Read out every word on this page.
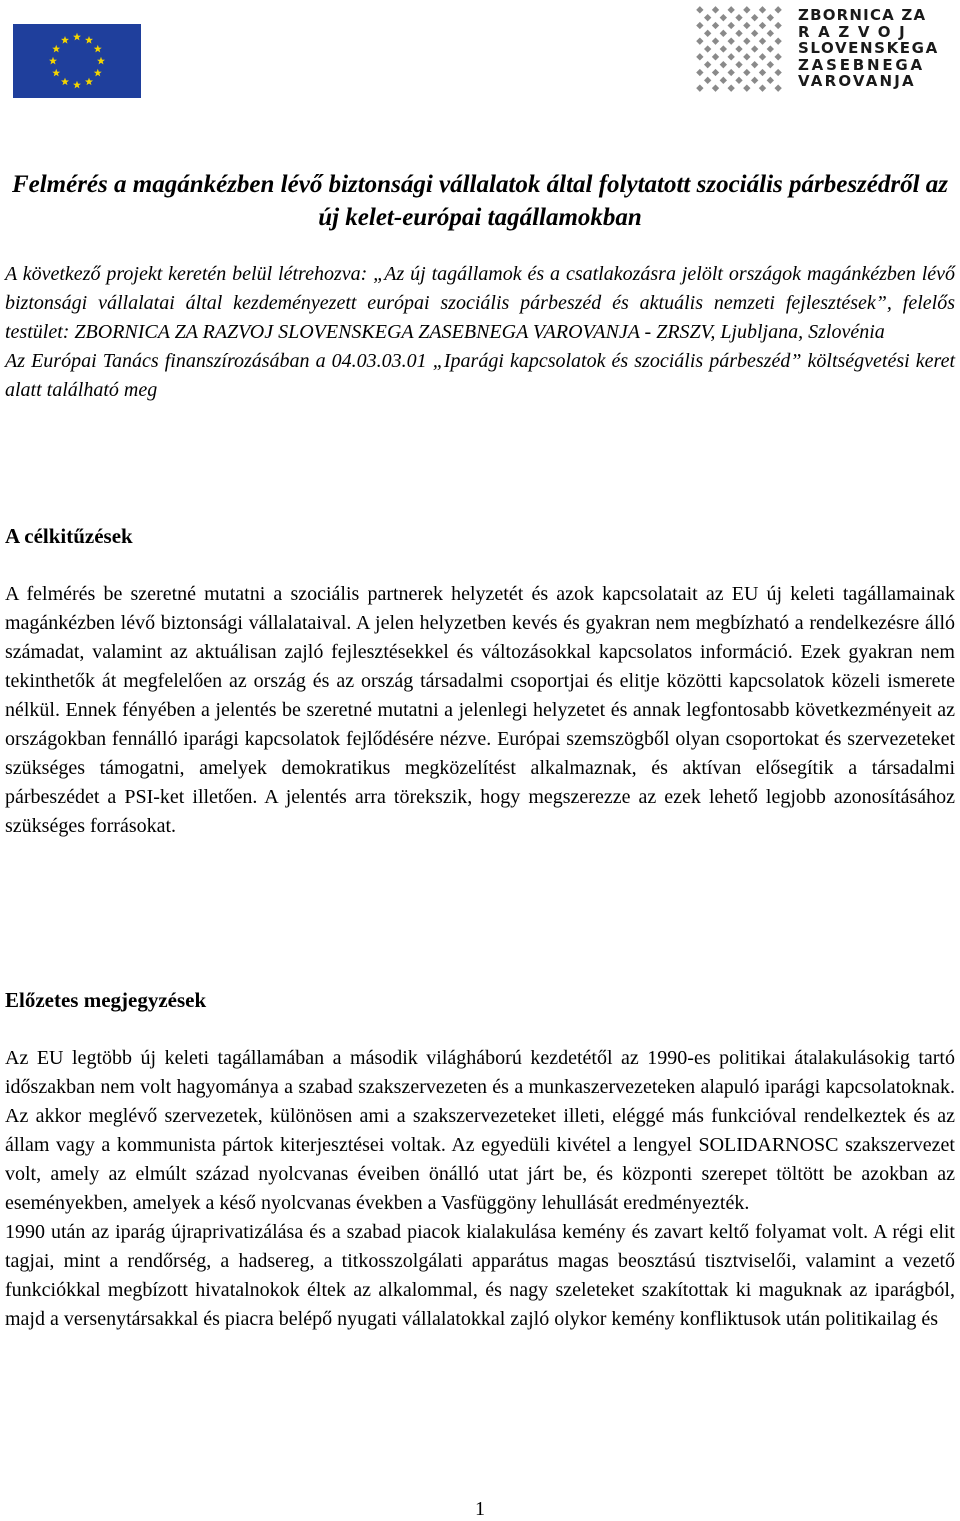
ZBORNICA ZA
RAZVOJ
SLOVENSKEGA
ZASEBNEGA
VAROVANJA
Felmérés a magánkézben lévő biztonsági vállalatok által folytatott szociális párbeszédről az új kelet-európai tagállamokban

A következő projekt keretén belül létrehozva: „Az új tagállamok és a csatlakozásra jelölt országok magánkézben lévő biztonsági vállalatai által kezdeményezett európai szociális párbeszéd és aktuális nemzeti fejlesztések”, felelős testület: ZBORNICA ZA RAZVOJ SLOVENSKEGA ZASEBNEGA VAROVANJA - ZRSZV, Ljubljana, Szlovénia

Az Európai Tanács finanszírozásában a 04.03.03.01 „Iparági kapcsolatok és szociális párbeszéd” költségvetési keret alatt található meg

A célkitűzések

A felmérés be szeretné mutatni a szociális partnerek helyzetét és azok kapcsolatait az EU új keleti tagállamainak magánkézben lévő biztonsági vállalataival. A jelen helyzetben kevés és gyakran nem megbízható a rendelkezésre álló számadat, valamint az aktuálisan zajló fejlesztésekkel és változásokkal kapcsolatos információ. Ezek gyakran nem tekinthetők át megfelelően az ország és az ország társadalmi csoportjai és elitje közötti kapcsolatok közeli ismerete nélkül. Ennek fényében a jelentés be szeretné mutatni a jelenlegi helyzetet és annak legfontosabb következményeit az országokban fennálló iparági kapcsolatok fejlődésére nézve. Európai szemszögből olyan csoportokat és szervezeteket szükséges támogatni, amelyek demokratikus megközelítést alkalmaznak, és aktívan elősegítik a társadalmi párbeszédet a PSI-ket illetően. A jelentés arra törekszik, hogy megszerezze az ezek lehető legjobb azonosításához szükséges forrásokat.

Előzetes megjegyzések

Az EU legtöbb új keleti tagállamában a második világháború kezdetétől az 1990-es politikai átalakulásokig tartó időszakban nem volt hagyománya a szabad szakszervezeten és a munkaszervezeteken alapuló iparági kapcsolatoknak. Az akkor meglévő szervezetek, különösen ami a szakszervezeteket illeti, eléggé más funkcióval rendelkeztek és az állam vagy a kommunista pártok kiterjesztései voltak. Az egyedüli kivétel a lengyel SOLIDARNOSC szakszervezet volt, amely az elmúlt század nyolcvanas éveiben önálló utat járt be, és központi szerepet töltött be azokban az eseményekben, amelyek a késő nyolcvanas években a Vasfüggöny lehullását eredményezték.

1990 után az iparág újraprivatizálása és a szabad piacok kialakulása kemény és zavart keltő folyamat volt. A régi elit tagjai, mint a rendőrség, a hadsereg, a titkosszolgálati apparátus magas beosztású tisztviselői, valamint a vezető funkciókkal megbízott hivatalnokok éltek az alkalommal, és nagy szeleteket szakítottak ki maguknak az iparágból, majd a versenytársakkal és piacra belépő nyugati vállalatokkal zajló olykor kemény konfliktusok után politikailag és

1
